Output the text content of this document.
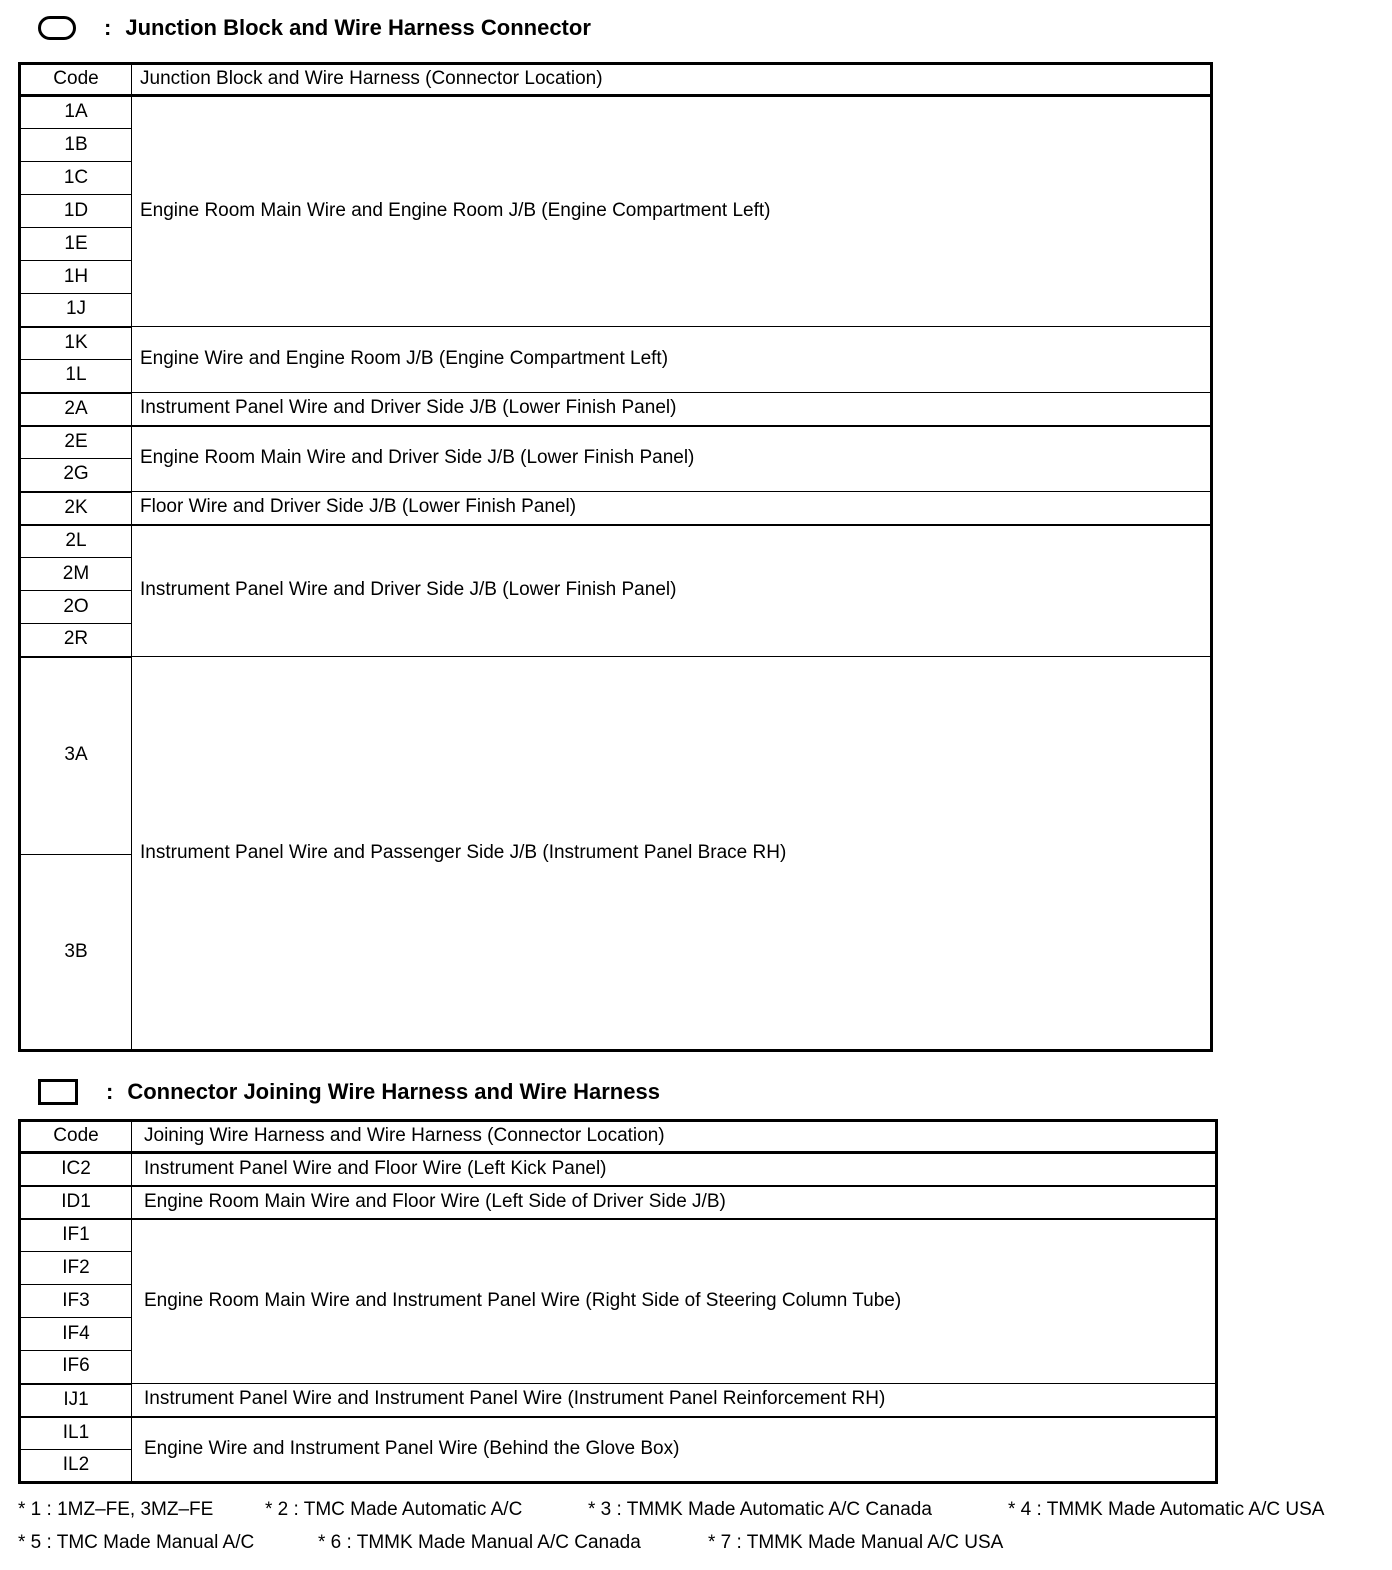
: Junction Block and Wire Harness Connector
Code	Junction Block and Wire Harness (Connector Location)
1A	Engine Room Main Wire and Engine Room J/B (Engine Compartment Left)
1B	
1C	
1D	
1E	
1H	
1J	
1K	Engine Wire and Engine Room J/B (Engine Compartment Left)
1L	
2A	Instrument Panel Wire and Driver Side J/B (Lower Finish Panel)
2E	Engine Room Main Wire and Driver Side J/B (Lower Finish Panel)
2G	
2K	Floor Wire and Driver Side J/B (Lower Finish Panel)
2L	Instrument Panel Wire and Driver Side J/B (Lower Finish Panel)
2M	
2O	
2R	
3A	Instrument Panel Wire and Passenger Side J/B (Instrument Panel Brace RH)
3B	
: Connector Joining Wire Harness and Wire Harness
Code	Joining Wire Harness and Wire Harness (Connector Location)
IC2	Instrument Panel Wire and Floor Wire (Left Kick Panel)
ID1	Engine Room Main Wire and Floor Wire (Left Side of Driver Side J/B)
IF1	Engine Room Main Wire and Instrument Panel Wire (Right Side of Steering Column Tube)
IF2	
IF3	
IF4	
IF6	
IJ1	Instrument Panel Wire and Instrument Panel Wire (Instrument Panel Reinforcement RH)
IL1	Engine Wire and Instrument Panel Wire (Behind the Glove Box)
IL2	
* 1 : 1MZ–FE, 3MZ–FE	* 2 : TMC Made Automatic A/C	* 3 : TMMK Made Automatic A/C Canada	* 4 : TMMK Made Automatic A/C USA
* 5 : TMC Made Manual A/C	* 6 : TMMK Made Manual A/C Canada	* 7 : TMMK Made Manual A/C USA
